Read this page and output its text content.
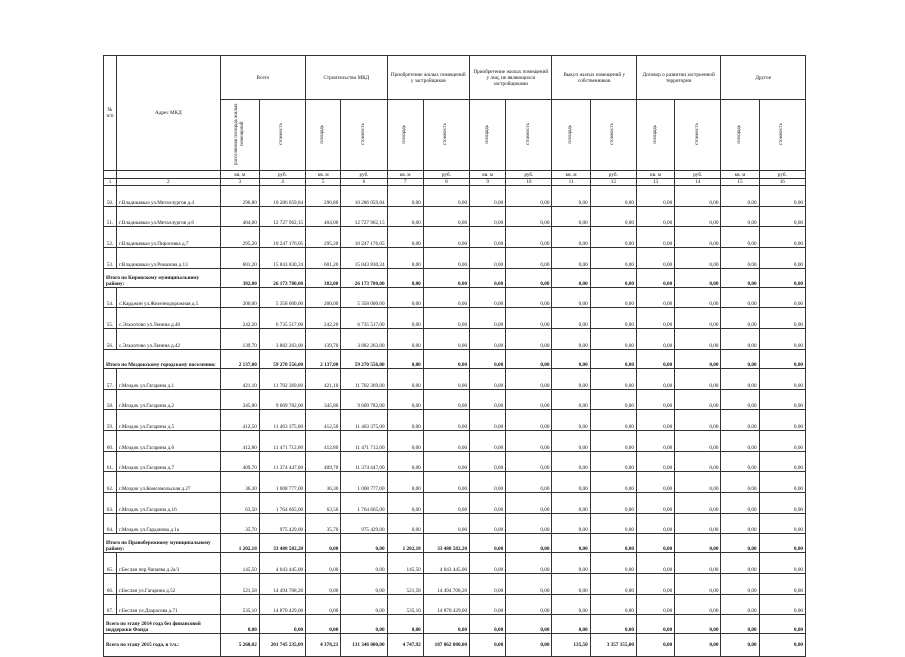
№ п/п	Адрес МКД	Всего		Строительство МКД		Приобретение жилых помещений у застройщиков		Приобретение жилых помещений у лиц, не являющихся застройщиками		Выкуп жилых помещений у собственников		Договор о развитии застроенной территории		Другое	
		расселяемая площадь жилых помещений	стоимость	площадь	стоимость	площадь	стоимость	площадь	стоимость	площадь	стоимость	площадь	стоимость	площадь	стоимость
		кв. м	руб.	кв. м	руб.	кв. м	руб.	кв. м	руб.	кв. м	руб.	кв. м	руб.	кв. м	руб.
1	2	3	4	5	6	7	8	9	10	11	12	13	14	15	16
50.	г.Владикавказ ул.Металлургов д.4	296,80	10 286 059,84	296,80	10 286 059,84	0,00	0,00	0,00	0,00	0,00	0,00	0,00	0,00	0,00	0,00
51.	г.Владикавказ ул.Металлургов д.6	404,00	12 727 962,15	404,00	12 727 962,15	0,00	0,00	0,00	0,00	0,00	0,00	0,00	0,00	0,00	0,00
52.	г.Владикавказ ул.Пироговка д.7	295,20	10 247 176,05	295,20	10 247 176,05	0,00	0,00	0,00	0,00	0,00	0,00	0,00	0,00	0,00	0,00
53.	г.Владикавказ ул.Ромазова д.13	601,20	15 843 830,24	601,20	15 843 830,24	0,00	0,00	0,00	0,00	0,00	0,00	0,00	0,00	0,00	0,00
Итого по Кировскому муниципальному району:		382,00	26 173 780,00	382,00	26 173 780,00	0,00	0,00	0,00	0,00	0,00	0,00	0,00	0,00	0,00	0,00
54.	с.Карджин ул.Железнодорожная д.5	200,00	5 358 000,00	200,00	5 358 000,00	0,00	0,00	0,00	0,00	0,00	0,00	0,00	0,00	0,00	0,00
55.	с.Эльхотово ул.Ленина д.40	242,20	6 735 517,00	242,20	6 735 517,00	0,00	0,00	0,00	0,00	0,00	0,00	0,00	0,00	0,00	0,00
56.	с.Эльхотово ул.Ленина д.42	139,70	3 882 263,00	139,70	3 882 263,00	0,00	0,00	0,00	0,00	0,00	0,00	0,00	0,00	0,00	0,00
Итого по Моздокскому городскому поселению:		2 137,00	59 270 556,00	2 137,00	59 270 556,00	0,00	0,00	0,00	0,00	0,00	0,00	0,00	0,00	0,00	0,00
57.	г.Моздок ул.Гагарина д.1	421,10	11 702 369,00	421,10	11 702 369,00	0,00	0,00	0,00	0,00	0,00	0,00	0,00	0,00	0,00	0,00
58.	г.Моздок ул.Гагарина д.2	345,80	9 609 782,00	345,80	9 609 782,00	0,00	0,00	0,00	0,00	0,00	0,00	0,00	0,00	0,00	0,00
59.	г.Моздок ул.Гагарина д.5	412,50	11 463 375,00	412,50	11 463 375,00	0,00	0,00	0,00	0,00	0,00	0,00	0,00	0,00	0,00	0,00
60.	г.Моздок ул.Гагарина д.6	412,80	11 471 712,00	412,80	11 471 712,00	0,00	0,00	0,00	0,00	0,00	0,00	0,00	0,00	0,00	0,00
61.	г.Моздок ул.Гагарина д.7	409,70	11 374 447,00	409,70	11 374 447,00	0,00	0,00	0,00	0,00	0,00	0,00	0,00	0,00	0,00	0,00
62.	г.Моздок ул.Комсомольская д.27	36,30	1 008 777,00	36,30	1 008 777,00	0,00	0,00	0,00	0,00	0,00	0,00	0,00	0,00	0,00	0,00
63.	г.Моздок ул.Гагарина д.16	63,50	1 764 665,00	63,50	1 764 665,00	0,00	0,00	0,00	0,00	0,00	0,00	0,00	0,00	0,00	0,00
64.	г.Моздок ул.Гарданова д.1а	35,70	975 429,00	35,70	975 429,00	0,00	0,00	0,00	0,00	0,00	0,00	0,00	0,00	0,00	0,00
Итого по Правобережному муниципальному району:		1 202,18	33 488 582,20	0,00	0,00	1 202,18	33 488 582,20	0,00	0,00	0,00	0,00	0,00	0,00	0,00	0,00
65.	г.Беслан пер.Чапаева д.2а/3	145,50	4 043 445,00	0,00	0,00	145,50	4 043 445,00	0,00	0,00	0,00	0,00	0,00	0,00	0,00	0,00
66.	г.Беслан ул.Гагарина д.52	521,58	14 494 708,20	0,00	0,00	521,58	14 494 708,20	0,00	0,00	0,00	0,00	0,00	0,00	0,00	0,00
67.	г.Беслан ул.Дзарасова д.71	535,10	14 870 429,00	0,00	0,00	535,10	14 870 429,00	0,00	0,00	0,00	0,00	0,00	0,00	0,00	0,00
Всего по этапу 2014 года без финансовой поддержки Фонда		0,00	0,00	0,00	0,00	0,00	0,00	0,00	0,00	0,00	0,00	0,00	0,00	0,00	0,00
Всего по этапу 2015 года, в т.ч.:		5 260,02	201 745 235,09	4 378,21	131 346 000,00	4 747,92	187 062 080,00	0,00	0,00	135,50	3 357 155,00	0,00	0,00	0,00	0,00
